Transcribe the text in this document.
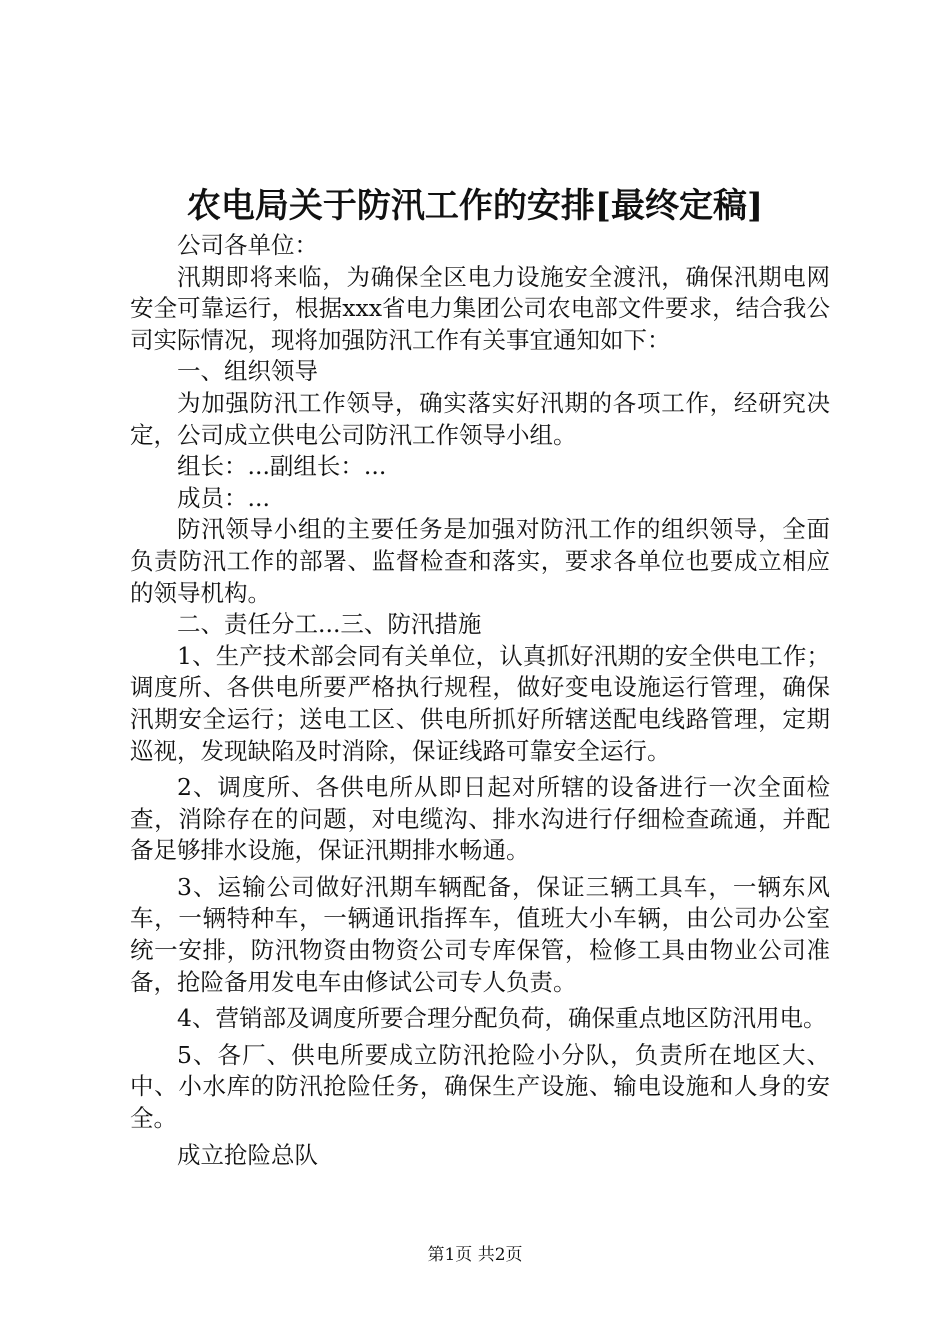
农电局关于防汛工作的安排[最终定稿]

公司各单位：

汛期即将来临，为确保全区电力设施安全渡汛，确保汛期电网安全可靠运行，根据xxx省电力集团公司农电部文件要求，结合我公司实际情况，现将加强防汛工作有关事宜通知如下：

一、组织领导

为加强防汛工作领导，确实落实好汛期的各项工作，经研究决定，公司成立供电公司防汛工作领导小组。

组长：...副组长：...

成员：...

防汛领导小组的主要任务是加强对防汛工作的组织领导，全面负责防汛工作的部署、监督检查和落实，要求各单位也要成立相应的领导机构。

二、责任分工...三、防汛措施

1、生产技术部会同有关单位，认真抓好汛期的安全供电工作；调度所、各供电所要严格执行规程，做好变电设施运行管理，确保汛期安全运行；送电工区、供电所抓好所辖送配电线路管理，定期巡视，发现缺陷及时消除，保证线路可靠安全运行。

2、调度所、各供电所从即日起对所辖的设备进行一次全面检查，消除存在的问题，对电缆沟、排水沟进行仔细检查疏通，并配备足够排水设施，保证汛期排水畅通。

3、运输公司做好汛期车辆配备，保证三辆工具车，一辆东风车，一辆特种车，一辆通讯指挥车，值班大小车辆，由公司办公室统一安排，防汛物资由物资公司专库保管，检修工具由物业公司准备，抢险备用发电车由修试公司专人负责。

4、营销部及调度所要合理分配负荷，确保重点地区防汛用电。

5、各厂、供电所要成立防汛抢险小分队，负责所在地区大、中、小水库的防汛抢险任务，确保生产设施、输电设施和人身的安全。

成立抢险总队

第1页 共2页
